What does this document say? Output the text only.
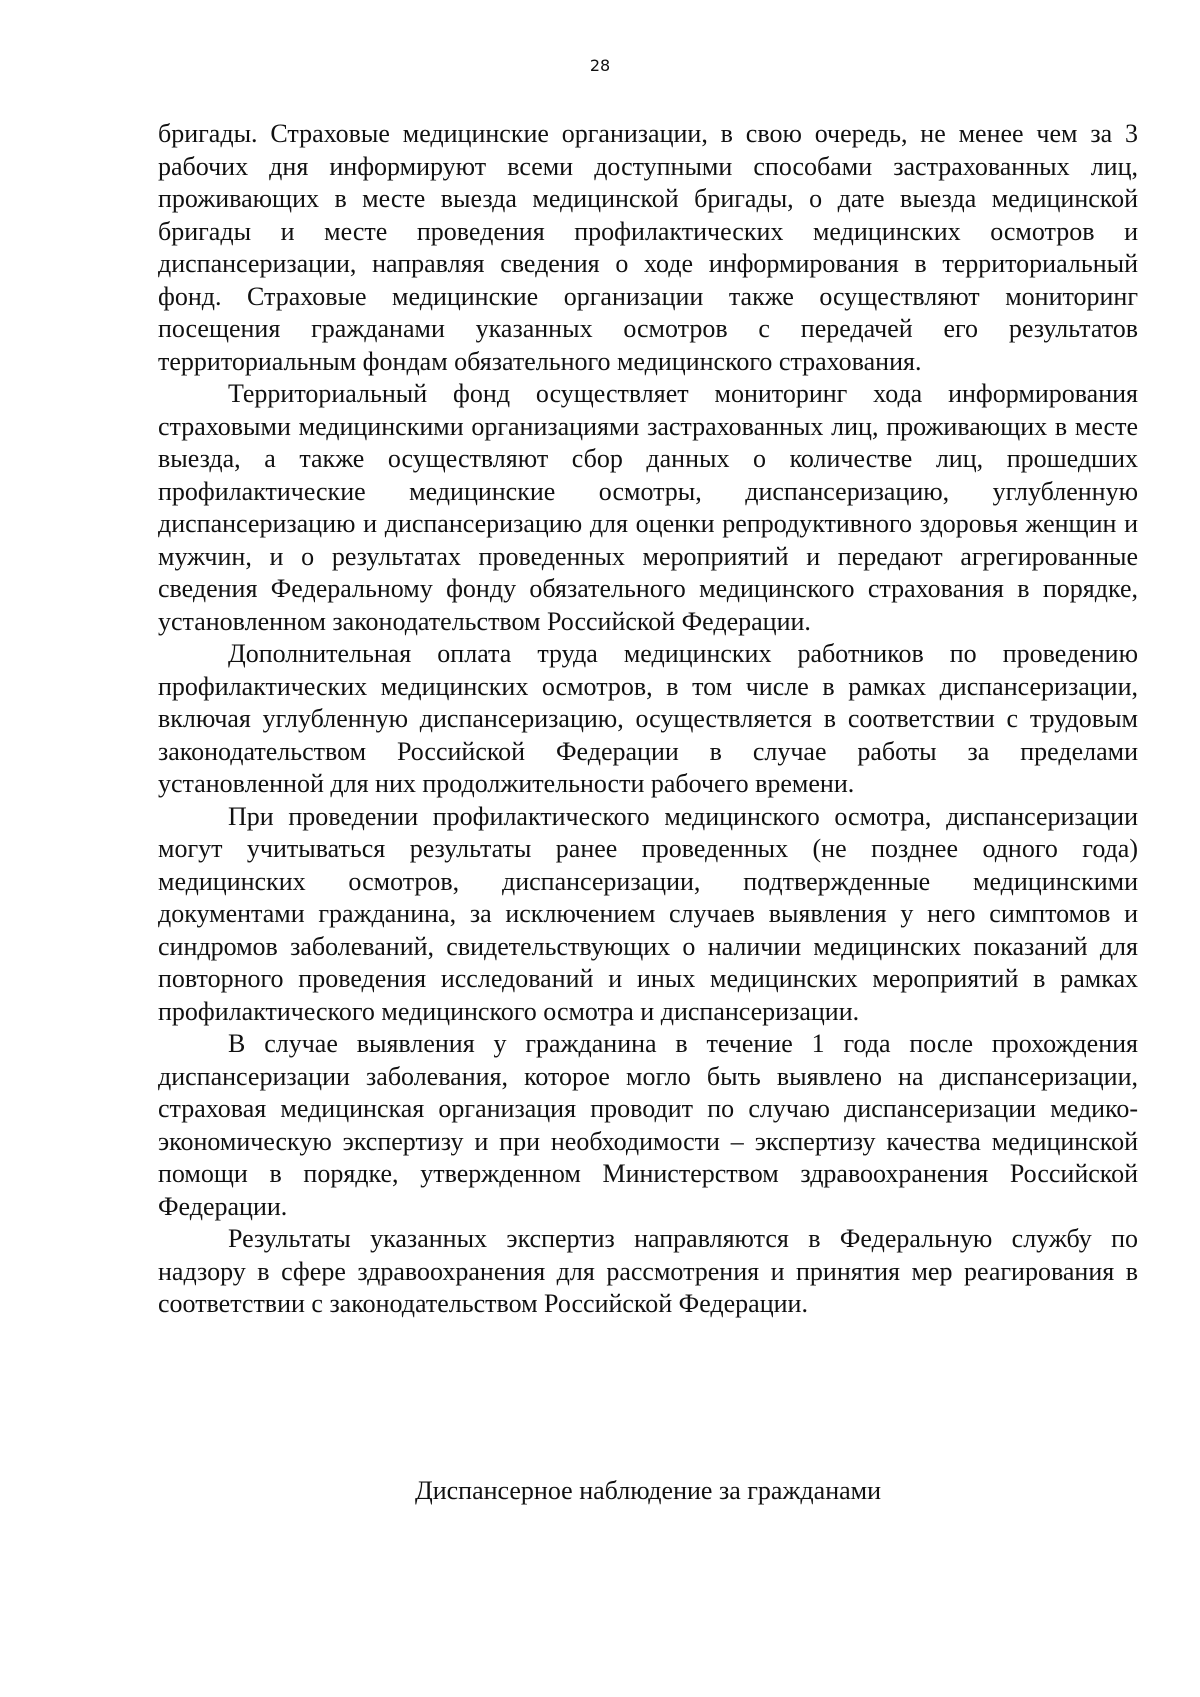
28

бригады. Страховые медицинские организации, в свою очередь, не менее чем за 3 рабочих дня информируют всеми доступными способами застрахованных лиц, проживающих в месте выезда медицинской бригады, о дате выезда медицинской бригады и месте проведения профилактических медицинских осмотров и диспансеризации, направляя сведения о ходе информирования в территориальный фонд. Страховые медицинские организации также осуществляют мониторинг посещения гражданами указанных осмотров с передачей его результатов территориальным фондам обязательного медицинского страхования.

Территориальный фонд осуществляет мониторинг хода информирования страховыми медицинскими организациями застрахованных лиц, проживающих в месте выезда, а также осуществляют сбор данных о количестве лиц, прошедших профилактические медицинские осмотры, диспансеризацию, углубленную диспансеризацию и диспансеризацию для оценки репродуктивного здоровья женщин и мужчин, и о результатах проведенных мероприятий и передают агрегированные сведения Федеральному фонду обязательного медицинского страхования в порядке, установленном законодательством Российской Федерации.

Дополнительная оплата труда медицинских работников по проведению профилактических медицинских осмотров, в том числе в рамках диспансеризации, включая углубленную диспансеризацию, осуществляется в соответствии с трудовым законодательством Российской Федерации в случае работы за пределами установленной для них продолжительности рабочего времени.

При проведении профилактического медицинского осмотра, диспансеризации могут учитываться результаты ранее проведенных (не позднее одного года) медицинских осмотров, диспансеризации, подтвержденные медицинскими документами гражданина, за исключением случаев выявления у него симптомов и синдромов заболеваний, свидетельствующих о наличии медицинских показаний для повторного проведения исследований и иных медицинских мероприятий в рамках профилактического медицинского осмотра и диспансеризации.

В случае выявления у гражданина в течение 1 года после прохождения диспансеризации заболевания, которое могло быть выявлено на диспансеризации, страховая медицинская организация проводит по случаю диспансеризации медико-экономическую экспертизу и при необходимости – экспертизу качества медицинской помощи в порядке, утвержденном Министерством здравоохранения Российской Федерации.

Результаты указанных экспертиз направляются в Федеральную службу по надзору в сфере здравоохранения для рассмотрения и принятия мер реагирования в соответствии с законодательством Российской Федерации.

Диспансерное наблюдение за гражданами
